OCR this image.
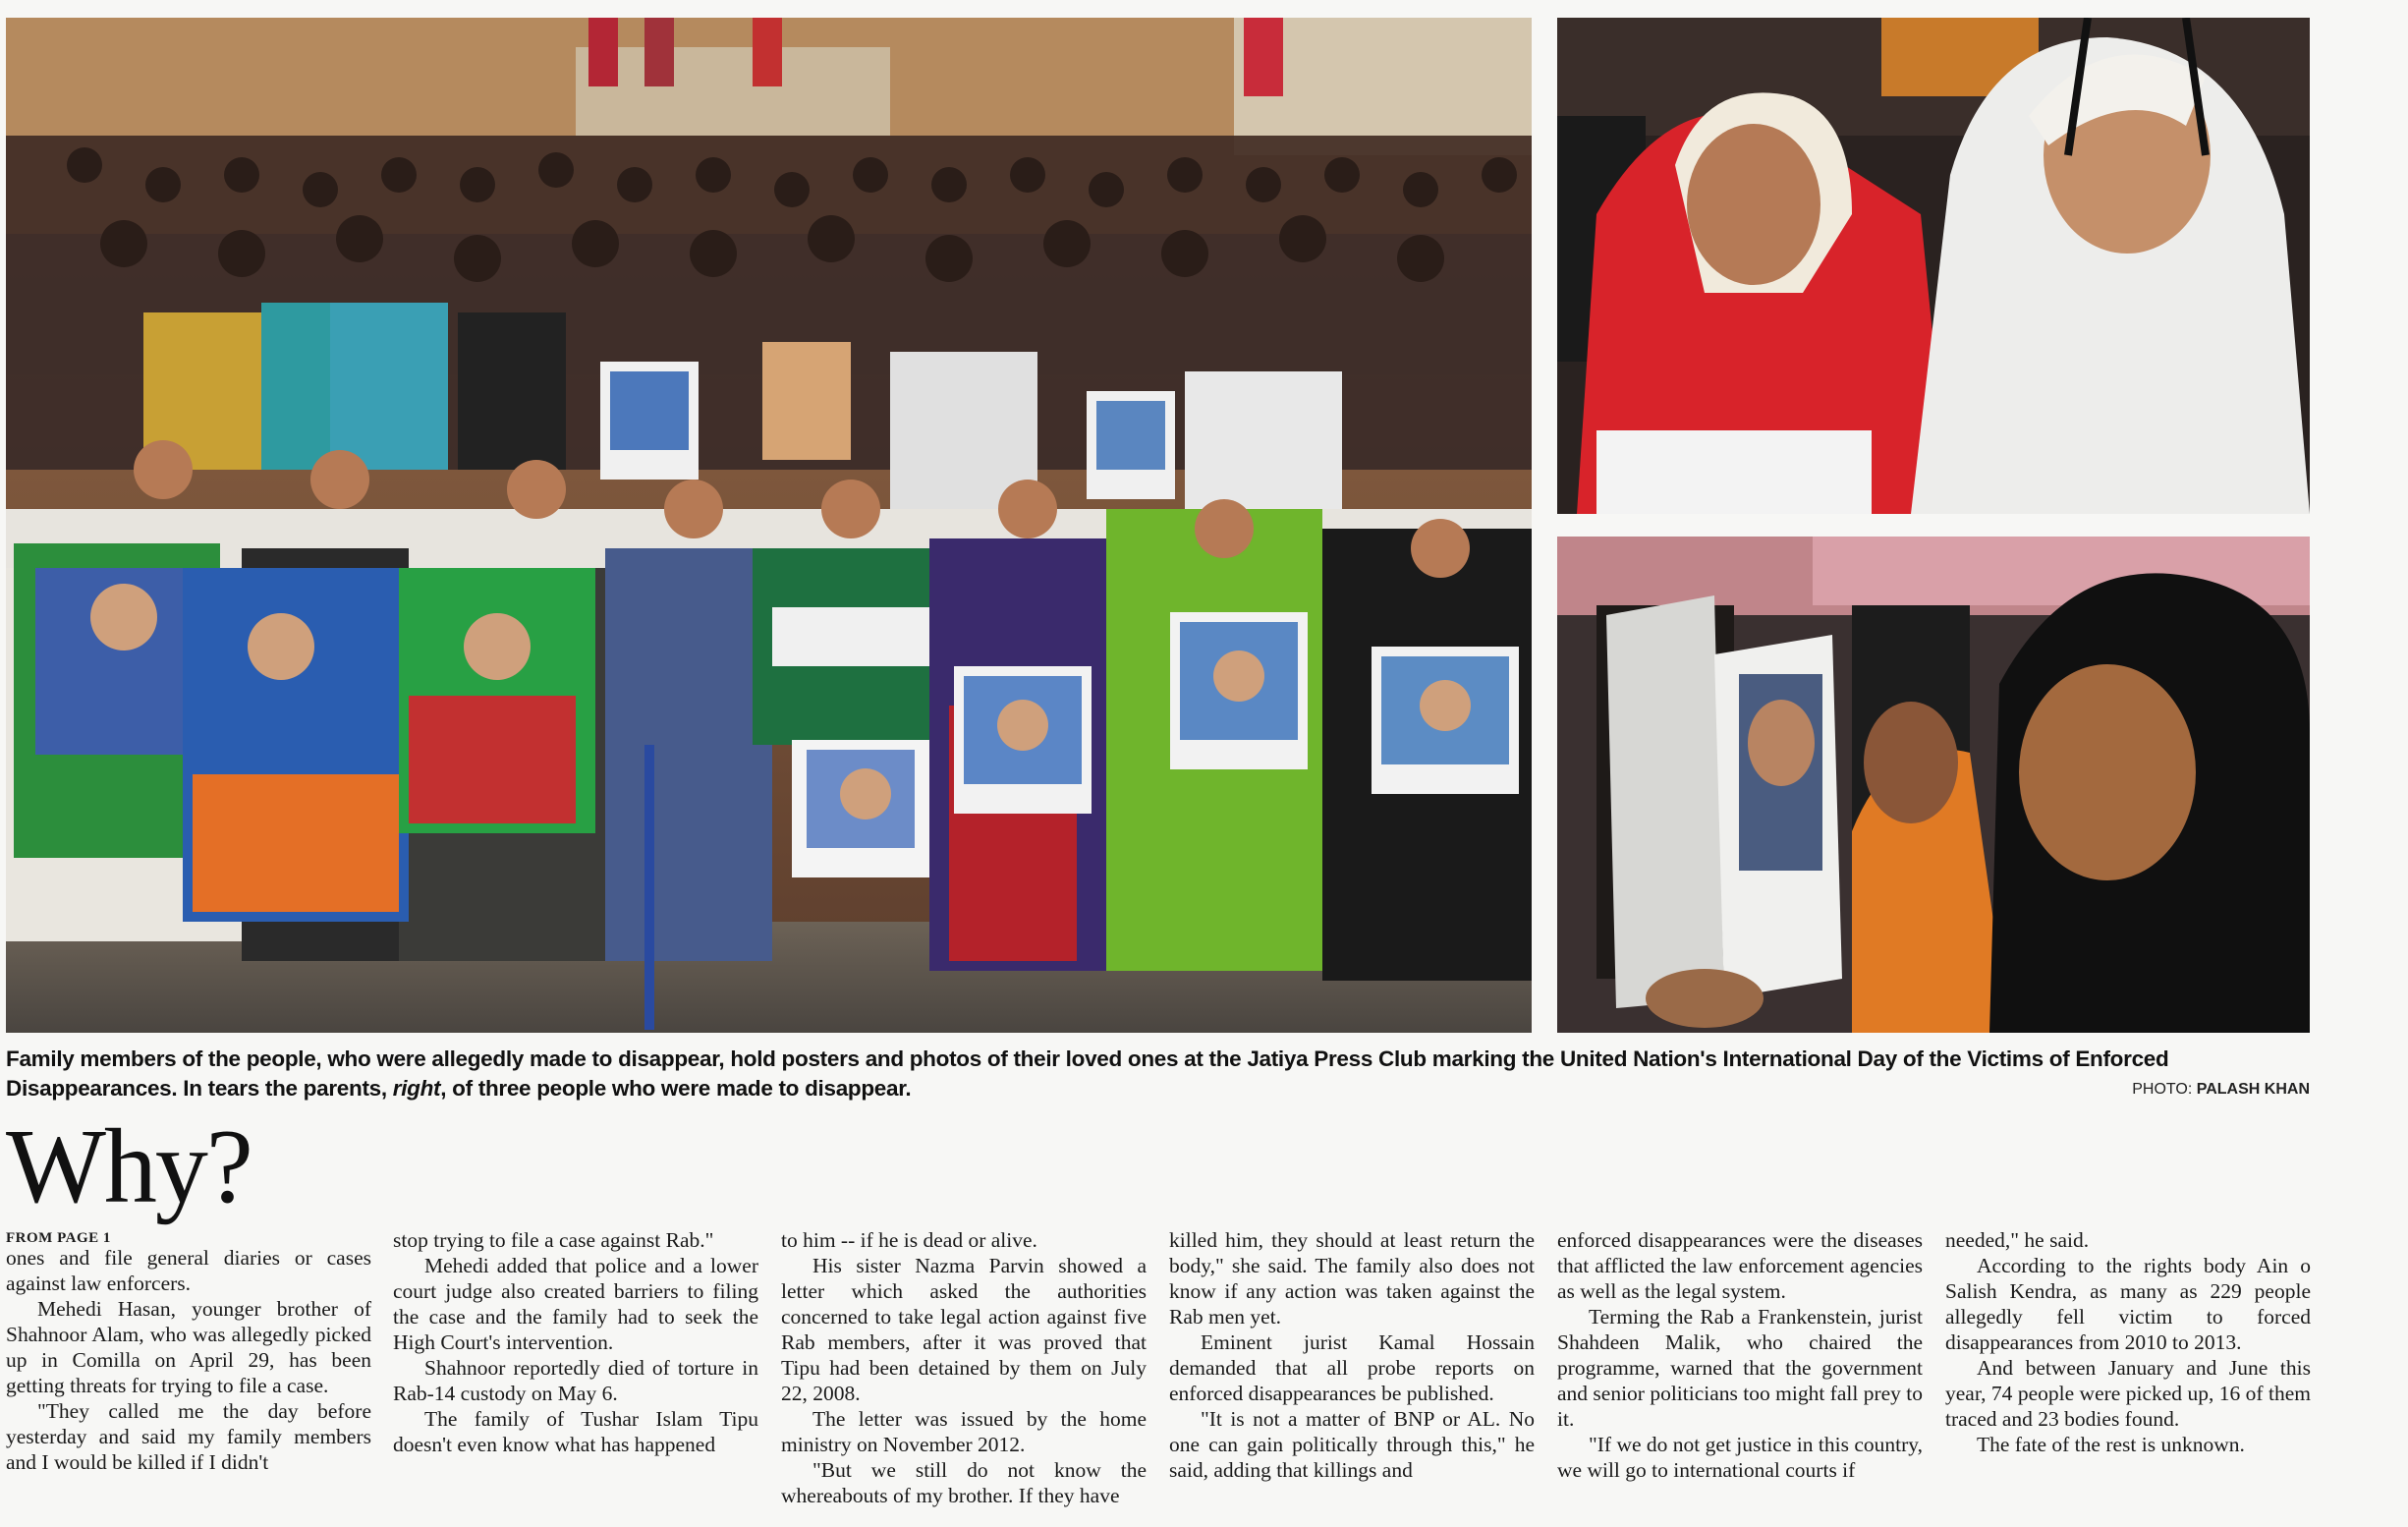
Family members of the people, who were allegedly made to disappear, hold posters and photos of their loved ones at the Jatiya Press Club marking the United Nation's International Day of the Victims of Enforced Disappearances. In tears the parents, right, of three people who were made to disappear.	PHOTO: PALASH KHAN
Why?
FROM PAGE 1

ones and file general diaries or cases against law enforcers.

Mehedi Hasan, younger brother of Shahnoor Alam, who was allegedly picked up in Comilla on April 29, has been getting threats for trying to file a case.

"They called me the day before yesterday and said my family members and I would be killed if I didn't

stop trying to file a case against Rab."

Mehedi added that police and a lower court judge also created barriers to filing the case and the family had to seek the High Court's intervention.

Shahnoor reportedly died of torture in Rab-14 custody on May 6.

The family of Tushar Islam Tipu doesn't even know what has happened

to him -- if he is dead or alive.

His sister Nazma Parvin showed a letter which asked the authorities concerned to take legal action against five Rab members, after it was proved that Tipu had been detained by them on July 22, 2008.

The letter was issued by the home ministry on November 2012.

"But we still do not know the whereabouts of my brother. If they have

killed him, they should at least return the body," she said. The family also does not know if any action was taken against the Rab men yet.

Eminent jurist Kamal Hossain demanded that all probe reports on enforced disappearances be published.

"It is not a matter of BNP or AL. No one can gain politically through this," he said, adding that killings and

enforced disappearances were the diseases that afflicted the law enforcement agencies as well as the legal system.

Terming the Rab a Frankenstein, jurist Shahdeen Malik, who chaired the programme, warned that the government and senior politicians too might fall prey to it.

"If we do not get justice in this country, we will go to international courts if

needed," he said.

According to the rights body Ain o Salish Kendra, as many as 229 people allegedly fell victim to forced disappearances from 2010 to 2013.

And between January and June this year, 74 people were picked up, 16 of them traced and 23 bodies found.

The fate of the rest is unknown.
